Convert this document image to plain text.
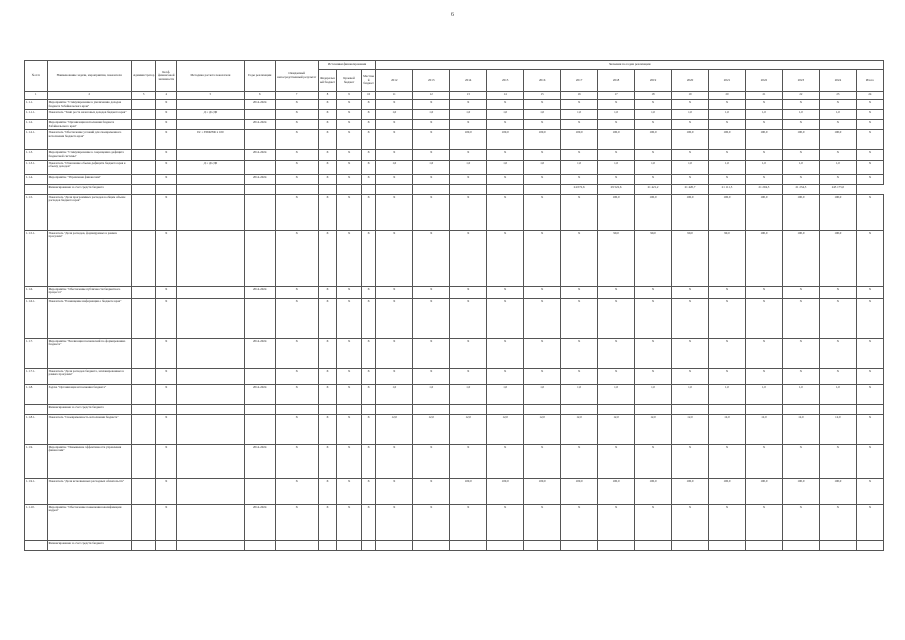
6
№ п/п	Наименование задачи, мероприятия, показателя	Администратор	Коэф. финансовой значимости	Методика расчета показателя	Годы реализации	Ожидаемый непосредственный результат	Источники финансирования			Значения по годам реализации													
							Федеральный бюджет	Краевой бюджет	Местный бюджет	2012	2013	2014	2015	2016	2017	2018	2019	2020	2021	2022	2023	2024	Итого
1	2	3	4	5	6	7	8	9	10	11	12	13	14	15	16	17	18	19	20	21	22	23	24
1.1.1.	Мероприятие "Стимулирование к увеличению доходов бюджета Забайкальского края"		Х		2014-2024	Х	Х	Х	Х	Х	Х	Х	Х	Х	Х	Х	Х	Х	Х	Х	Х	Х	Х
1.1.1.1.	Показатель "Темп роста налоговых доходов бюджета края"		Х	Д = Д1/Д0		Х	Х	Х	Х	1,0	1,0	1,0	1,0	1,0	1,0	1,0	1,0	1,0	1,0	1,0	1,0	1,0	Х
1.1.2.	Мероприятие "Организация исполнения бюджета Забайкальского края"		Х		2014-2024	Х	Х	Х	Х	Х	Х	Х	Х	Х	Х	Х	Х	Х	Х	Х	Х	Х	Х
1.1.2.1.	Показатель "Обеспечение условий для своевременного исполнения бюджета края"		Х	Пс = ЕПФ/ЕФ х 100		Х	Х	Х	Х	Х	Х	100,0	100,0	100,0	100,0	100,0	100,0	100,0	100,0	100,0	100,0	100,0	Х
1.1.3.	Мероприятие "Стимулирование к сокращению дефицита бюджетной системы"		Х		2014-2024	Х	Х	Х	Х	Х	Х	Х	Х	Х	Х	Х	Х	Х	Х	Х	Х	Х	Х
1.1.3.1.	Показатель "Отношение объема дефицита бюджета края к объему доходов"		Х	Д = Д1/Д0		Х	Х	Х	Х	1,0	1,0	1,0	1,0	1,0	1,0	1,0	1,0	1,0	1,0	1,0	1,0	1,0	Х
1.1.4.	Мероприятие "Управление финансами"		Х		2014-2024	Х	Х	Х	Х	Х	Х	Х	Х	Х	Х	Х	Х	Х	Х	Х	Х	Х	Х
	Финансирование за счет средств бюджета														24 072,6	29 522,6	21 421,2	21 420,7	21 111,5	21 204,3	21 234,3	243 175,0	
1.1.5.	Показатель "Доля программных расходов в общем объеме расходов бюджета края"		Х			Х	Х	Х	Х	Х	Х	Х	Х	Х	Х	100,0	100,0	100,0	100,0	100,0	100,0	100,0	Х
1.1.5.1.	Показатель "Доля расходов, формируемых в рамках программ"		Х			Х	Х	Х	Х	Х	Х	Х	Х	Х	Х	90,0	90,0	90,0	90,0	100,0	100,0	100,0	Х
1.1.6.	Мероприятие "Обеспечение публичности бюджетного процесса"		Х		2014-2024	Х	Х	Х	Х	Х	Х	Х	Х	Х	Х	Х	Х	Х	Х	Х	Х	Х	Х
1.1.6.1.	Показатель "Размещение информации о бюджете края"		Х			Х	Х	Х	Х	Х	Х	Х	Х	Х	Х	Х	Х	Х	Х	Х	Х	Х	Х
1.1.7.	Мероприятие "Реализация полномочий по формированию бюджета"		Х		2014-2024	Х	Х	Х	Х	Х	Х	Х	Х	Х	Х	Х	Х	Х	Х	Х	Х	Х	Х
1.1.7.1.	Показатель "Доля расходов бюджета, запланированных в рамках программ"		Х			Х	Х	Х	Х	Х	Х	Х	Х	Х	Х	Х	Х	Х	Х	Х	Х	Х	Х
1.1.8.	Задача "Организация исполнения бюджета"		Х		2014-2024	Х	Х	Х	Х	1,0	1,0	1,0	1,0	1,0	1,0	1,0	1,0	1,0	1,0	1,0	1,0	1,0	Х
	Финансирование за счет средств бюджета																						
1.1.8.1.	Показатель "Своевременность исполнения бюджета"		Х			Х	Х	Х	Х	12,0	12,0	12,0	12,0	12,0	12,0	12,0	12,0	12,0	12,0	12,0	12,0	12,0	Х
1.1.9.	Мероприятие "Повышение эффективности управления финансами"		Х		2014-2024	Х	Х	Х	Х	Х	Х	Х	Х	Х	Х	Х	Х	Х	Х	Х	Х	Х	Х
1.1.9.1.	Показатель "Доля исполненных расходных обязательств"		Х			Х	Х	Х	Х	Х	Х	100,0	100,0	100,0	100,0	100,0	100,0	100,0	100,0	100,0	100,0	100,0	Х
1.1.10.	Мероприятие "Обеспечение повышения квалификации кадров"		Х		2014-2024	Х	Х	Х	Х	Х	Х	Х	Х	Х	Х	Х	Х	Х	Х	Х	Х	Х	Х
	Финансирование за счет средств бюджета																						
